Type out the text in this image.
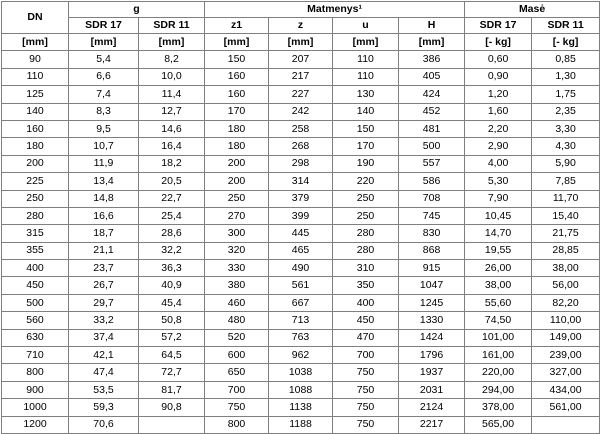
DN	g		Matmenys¹				Masė	
	SDR 17	SDR 11	z1	z	u	H	SDR 17	SDR 11
[mm]	[mm]	[mm]	[mm]	[mm]	[mm]	[mm]	[- kg]	[- kg]
90	5,4	8,2	150	207	110	386	0,60	0,85
110	6,6	10,0	160	217	110	405	0,90	1,30
125	7,4	11,4	160	227	130	424	1,20	1,75
140	8,3	12,7	170	242	140	452	1,60	2,35
160	9,5	14,6	180	258	150	481	2,20	3,30
180	10,7	16,4	180	268	170	500	2,90	4,30
200	11,9	18,2	200	298	190	557	4,00	5,90
225	13,4	20,5	200	314	220	586	5,30	7,85
250	14,8	22,7	250	379	250	708	7,90	11,70
280	16,6	25,4	270	399	250	745	10,45	15,40
315	18,7	28,6	300	445	280	830	14,70	21,75
355	21,1	32,2	320	465	280	868	19,55	28,85
400	23,7	36,3	330	490	310	915	26,00	38,00
450	26,7	40,9	380	561	350	1047	38,00	56,00
500	29,7	45,4	460	667	400	1245	55,60	82,20
560	33,2	50,8	480	713	450	1330	74,50	110,00
630	37,4	57,2	520	763	470	1424	101,00	149,00
710	42,1	64,5	600	962	700	1796	161,00	239,00
800	47,4	72,7	650	1038	750	1937	220,00	327,00
900	53,5	81,7	700	1088	750	2031	294,00	434,00
1000	59,3	90,8	750	1138	750	2124	378,00	561,00
1200	70,6		800	1188	750	2217	565,00	
